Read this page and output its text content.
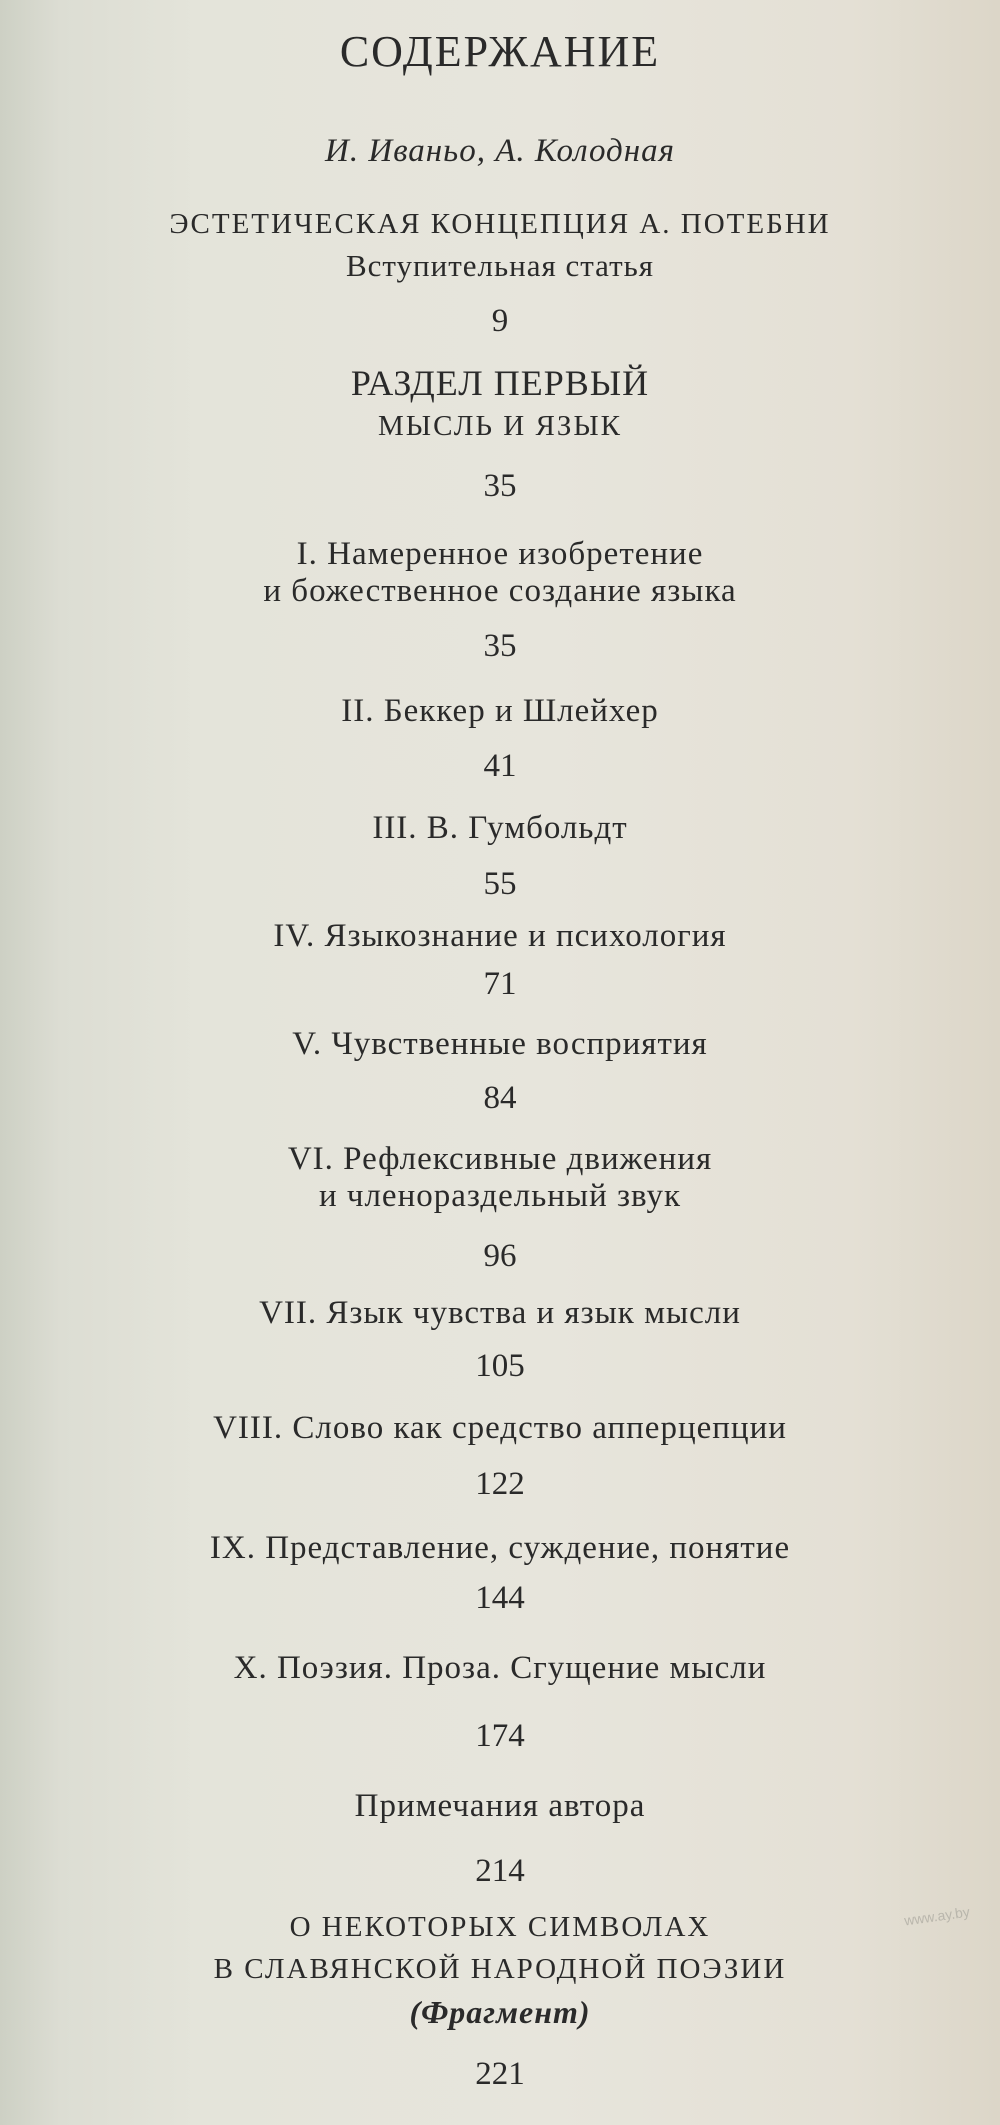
СОДЕРЖАНИЕ
И. Иваньо, А. Колодная
ЭСТЕТИЧЕСКАЯ КОНЦЕПЦИЯ А. ПОТЕБНИ
Вступительная статья
9
РАЗДЕЛ ПЕРВЫЙ
МЫСЛЬ И ЯЗЫК
35
I. Намеренное изобретение
и божественное создание языка
35
II. Беккер и Шлейхер
41
III. В. Гумбольдт
55
IV. Языкознание и психология
71
V. Чувственные восприятия
84
VI. Рефлексивные движения
и членораздельный звук
96
VII. Язык чувства и язык мысли
105
VIII. Слово как средство апперцепции
122
IX. Представление, суждение, понятие
144
X. Поэзия. Проза. Сгущение мысли
174
Примечания автора
214
О НЕКОТОРЫХ СИМВОЛАХ
В СЛАВЯНСКОЙ НАРОДНОЙ ПОЭЗИИ
(Фрагмент)
221
www.ay.by
